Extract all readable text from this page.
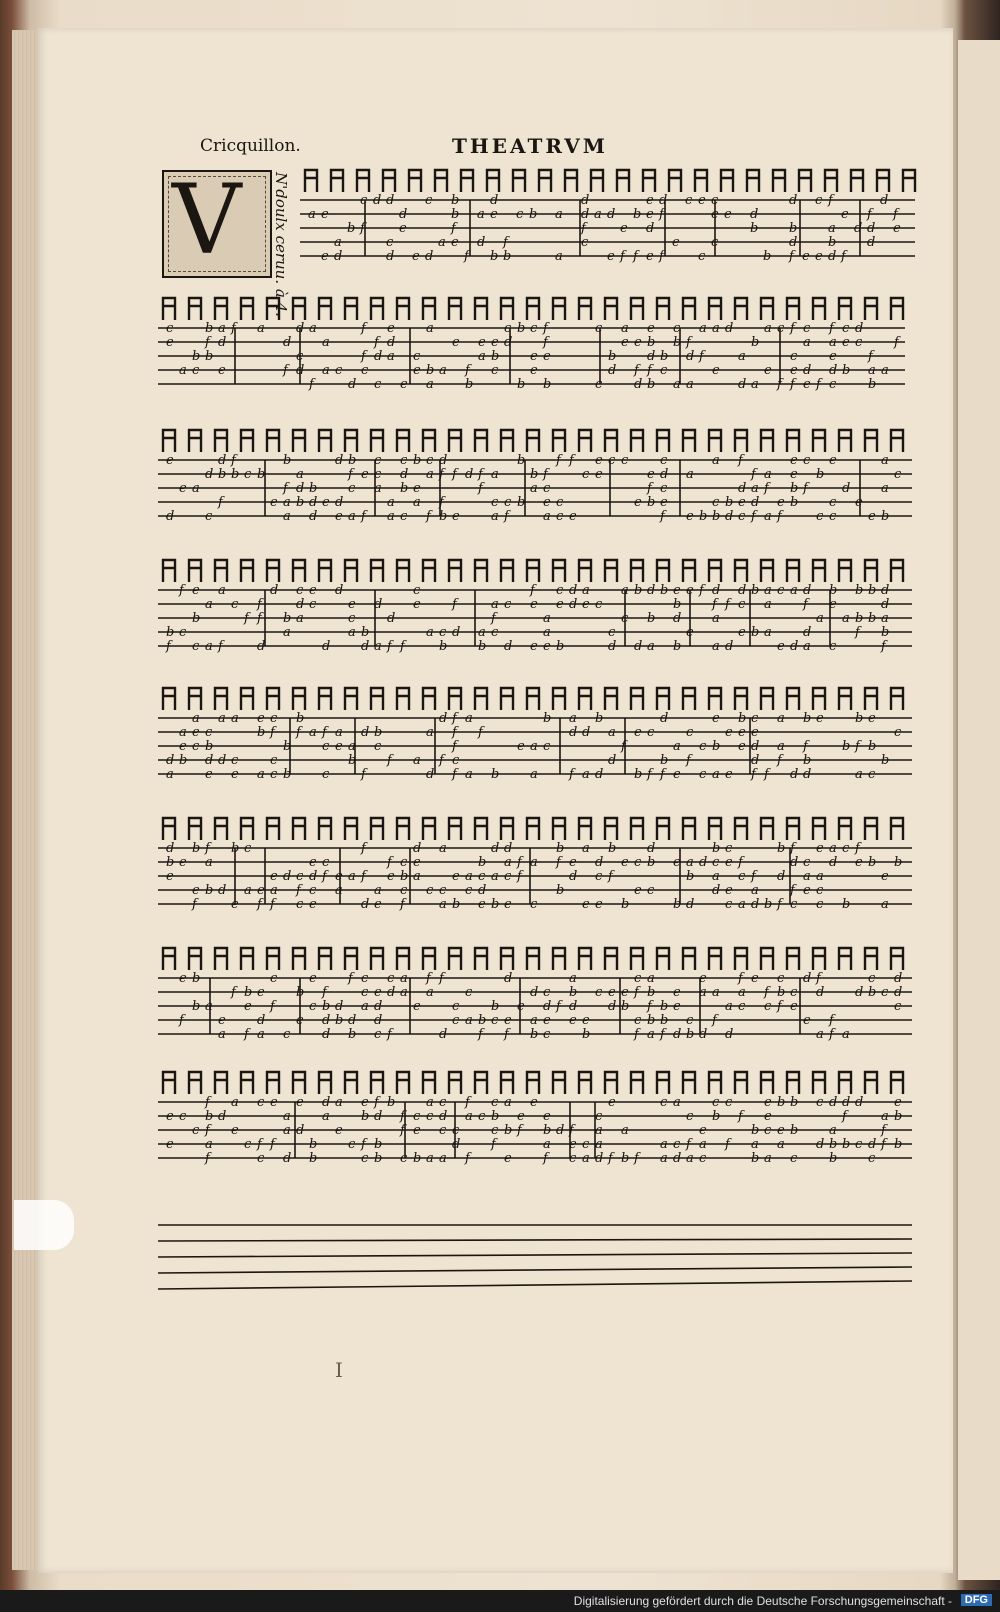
Cricquillon.	THEATRVM
V N'doulx ceruu. à 4. a e
e
a
d
b
c
f
d d
c
d
d
e
e
c
d
a
b
b
f
e
f
a
d
d
e
b
f
b
c b a
a
d
d
f
c
a d
e
e
f
b
f
e
e
d
e
d
f
f
e
c e
c
c
e
c
e d
b
b
d
b
d
f e
c
e
f
a
b
d
e
f
d
f
d
d
d
f
e
c
e
a
b
c
b
f
b
a
d
e
f a
d
f
d
c
d
a
f
a
a c
d
f
f
c
f
d
c
e
d
a
e
c
e
a
b
a
a
e
f
b
e
a
e
b
c
c
d
b
b
c
e
e
f
f
e
b
c
c
b
d
a
e e
f
d
e
b
d
f
b
b
c
c
b
a
f
d
a
a
f
a
e
d
a
d
b
a
a
e
c
f
f
c
e
f
c
a
d
e f
f
a
e
d
c
c
e
b
d
c
f
a
b
a
f
e
d
e a
d
c
d
b
f
f
b c b
e
b
f
a
a
a
d
b
b
d
d
e
d
d
e
b
f
c
a
e
f
c
c
a
a
a
c
d
b
c
b
e
a
c
a
f
d
f
f
b
f
e
d f
f
a
c
a
c
f
b
b
b
a
f
c
e
a
f
c
c
f
e
c
e
e
c c
e
e
f
b
c
d
c
e
f
a
e b
a
c
b
b
d
f
d
e
c
f
a
d
f
a
f
a
e
f
e
e
b
b
c
f
b
c
e
c
c
d
e
e
a
a
b
c
b
f
f
c
e
b
c
a
a
a
f
c
f
f
f
d
d
b
a
c
d
a
e
c
d
d
e
c
a b
d
d
a
d
f f
c
e
a c
b
f
d a
b
a
f
c
c
d
f
e
e
a
a
e
c
e
b
d
d
a
e c
c
d
a
c
b
d
d
b
a
b e
b
d
b
e
e
f d
f
a
a
f
d
d
c
e
b
b
a
a
a
c
e
a
d
d
f
d
a
a
b
e
c
a
b
b
f
b
b
d
d
a
b
f
d
a
a
e
b
a
e
c
c
b
d
e
a
d
a
c
e
e
b
a
c
f
c
c
b
b
b
f a f
c
c
a
e a
b
d
f
b
c
f a
a
d
d
f
f
f
f
c
f
a
a
f
b
e a
a
b
c
a
d
f
d
a
b
d
a
d
f
e
b
c
f
d
b
f
a
e
c
f
c
c
e
b
a
e
e
b
e
e
c
e
d
d
f f
a
a
f
d
b
f
b
d
e
b
b
f
a
e
b
c
b
c
d
b
e
e
b
e
f
f
a
b d
b
e
c
a e
f
e
a
f
d c
f
c
e
d
c
e
c
f e
a
a
f
f
d
a
e
f
e
c
b
c
f
d
e
a
c
a
c
a
e
b
a
c
b
c
d
e
d
a
b
d
a
c
e
f
f
a
c
b
f
b
e
d
a
e
d
c
e
b
f
e
b
c
e
d
b
c
e
b
a
b
d
d
b
c
a
d
c
e
e
c
f
c
a
f
a
d b
b
d
f
f
d
f
c
c
a
e
e
a
c
c
a
d
c
b
f
e b
e
a
b
e
f
b
b a
e
a
f b
e
f
e
d
a
c
f
c
b
e
e
c
f
b
d
d
d
b
f
d
b
c
c
a
e
d
d
c
c
d
f
a
a
e
f
a
f
d
c
c
c
a b
f
b
c
d
e
f
e
d
a
b
c
d
e
c
f
a
b
d
e e
b
c e
d
e
b
c
f
c
f
a
b
f
b
a
b
b
f
e
e
d
c
b
e
a
d
a
f
a
d
f
a
c
e
f
c
c
b
f
c
e
d
e
f
d
a
f
f a
d
c
b c
d
d
c
e
e
c
c
f
b
f
a
f
d
a
e
c
c
f
c
e
f
a
a
d
e
d
b
b
d
a
a
e
c
e
b
f
c
f
d
b
b
b
f
f
c
c
e
b
a
c
a
c
d
c
a
c
d
f
a
f
c
c
b
c
f
a
b
e
e
f
e
e
b
a
f
d f
e
c
c
a
c
a
a
d
e
f
a
b f
c
a
a
a
c
d
c
f
a
e
a
c
c
b
c
f
f
b
a
b
e
e
c
a
b
e
a
b
b
c
c
d
d
a
b
b
d
f
b
d
c d
c
a
f
f
e
b
b
I
Digitalisierung gefördert durch die Deutsche Forschungsgemeinschaft -	DFG
